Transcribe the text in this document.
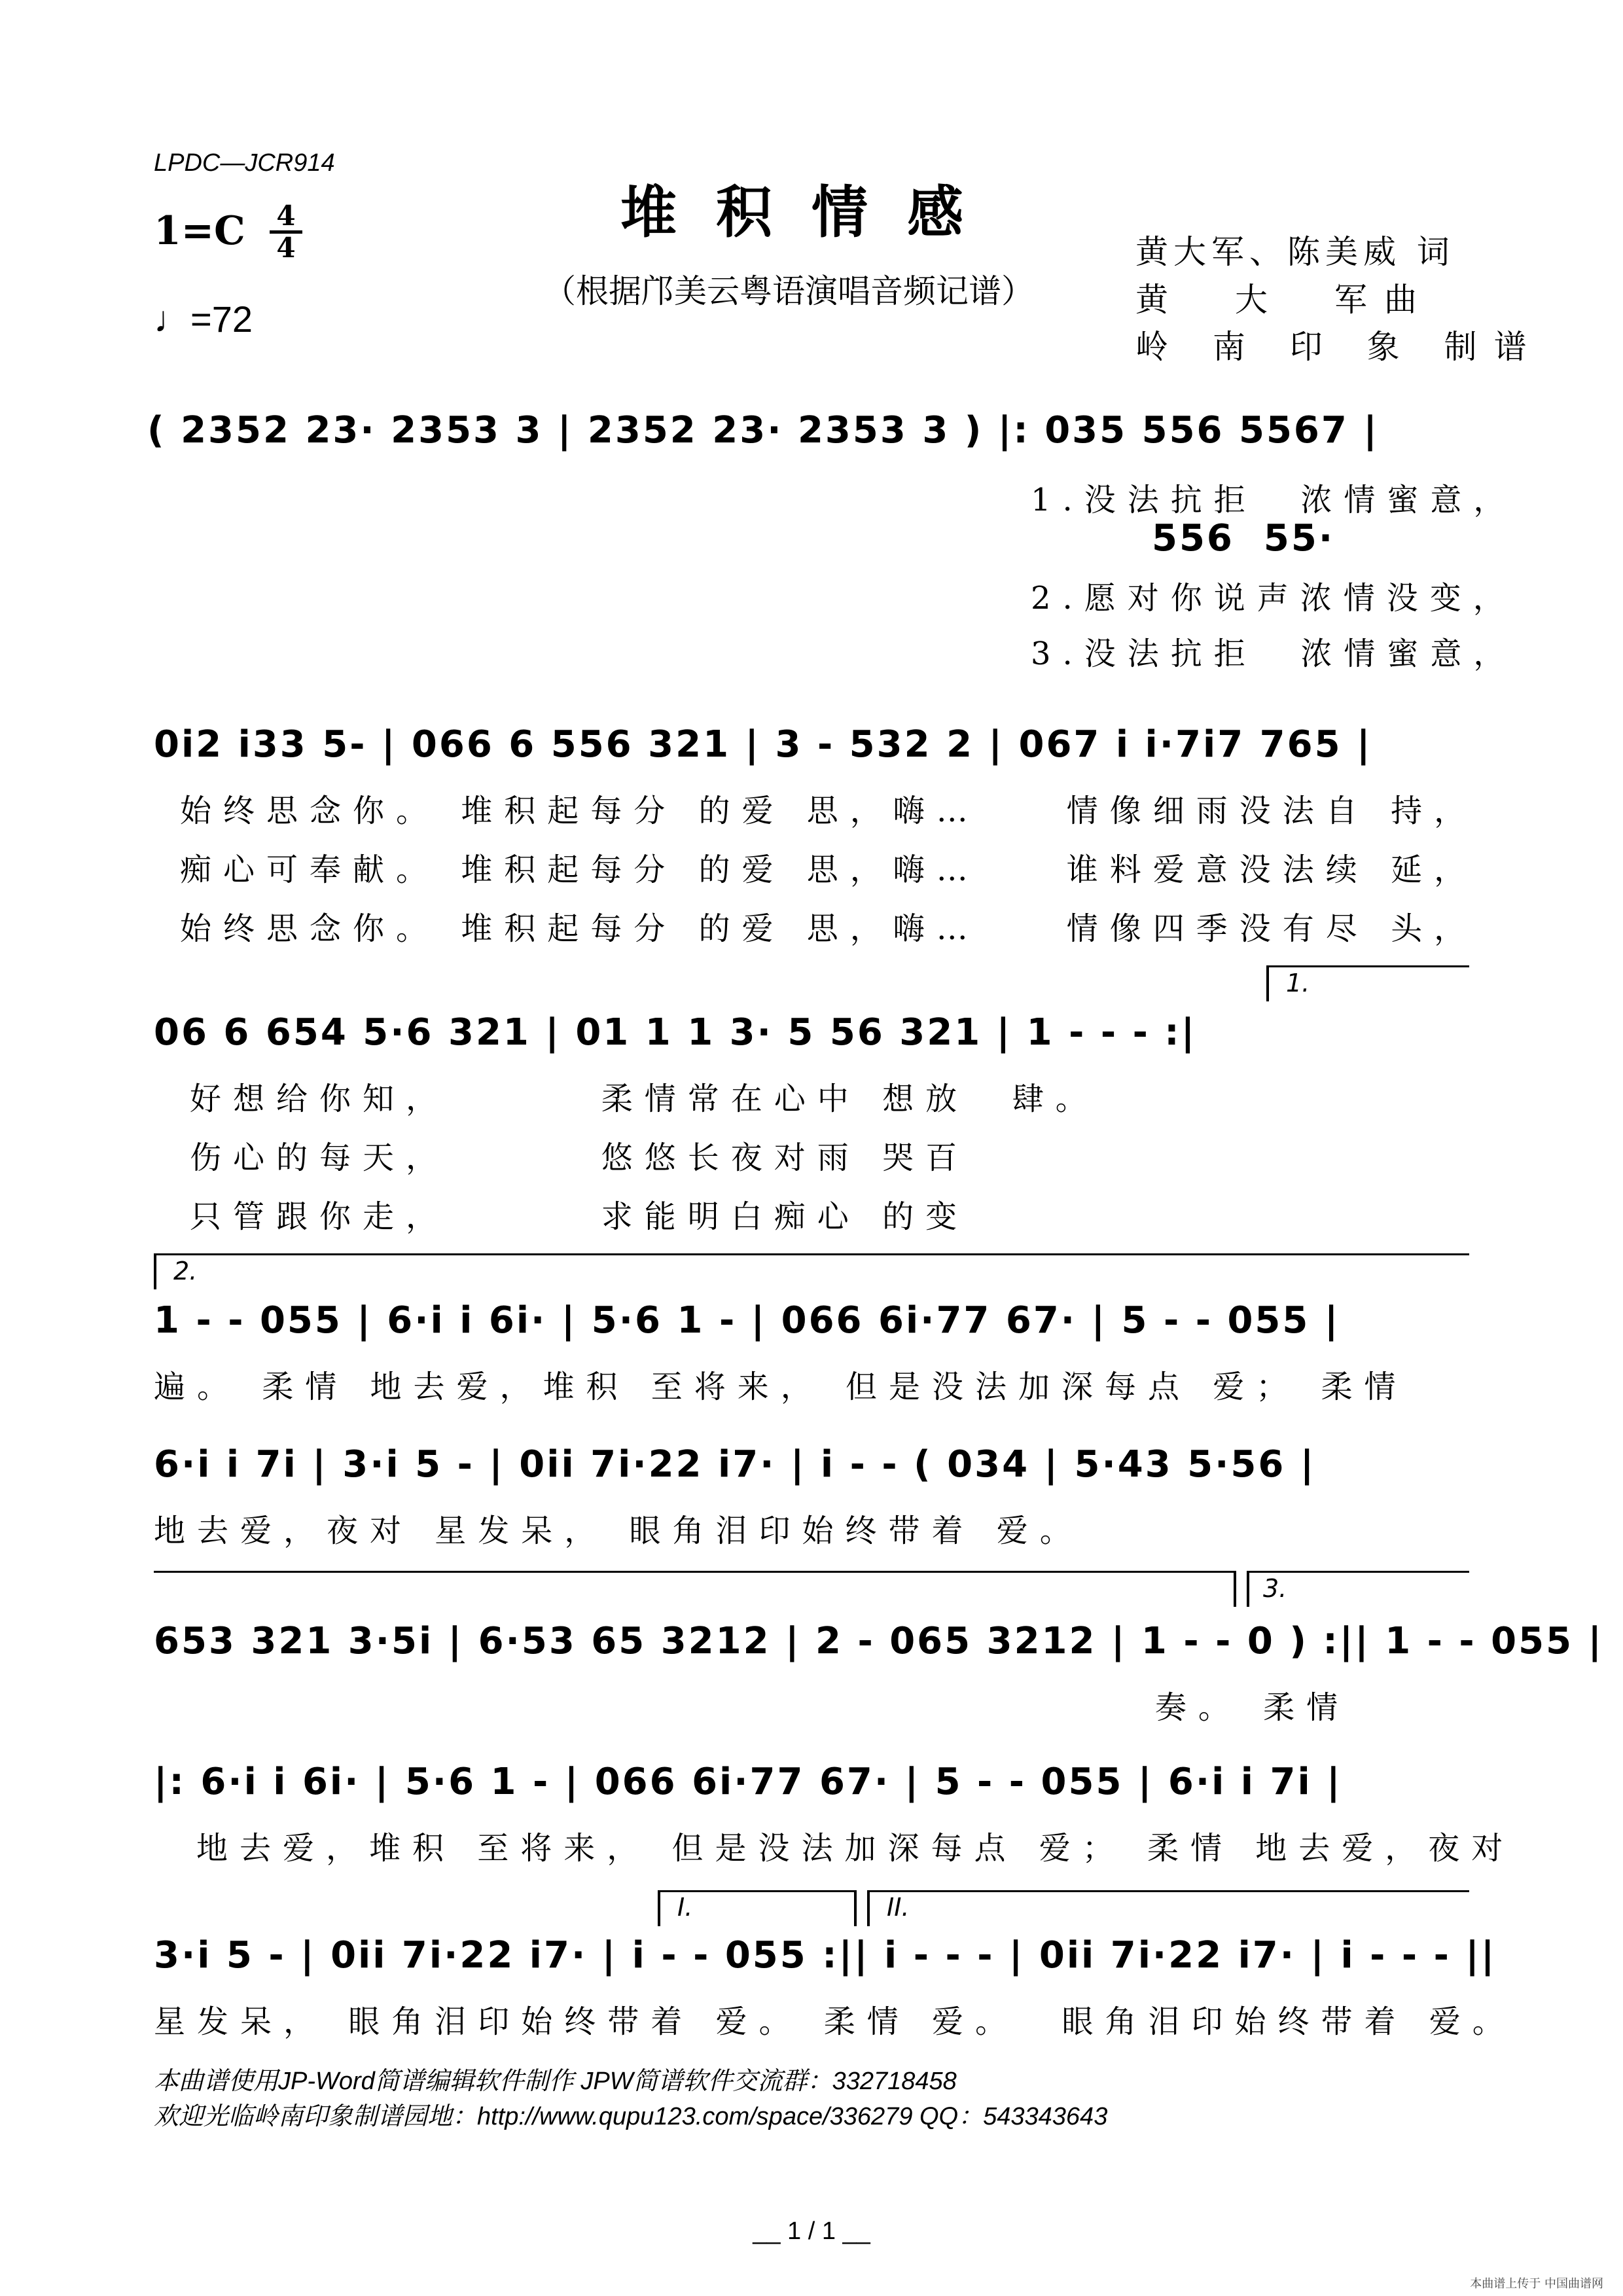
LPDC—JCR914
堆积情感
（根据邝美云粤语演唱音频记谱）
1=C 4
4
♩=72
黄大军、陈美威 词
黄　大　军曲
岭 南 印 象 制谱
( 2352 23· 2353 3 | 2352 23· 2353 3 ) |: 035 556 5567 |
556  55·
1.没法抗拒  浓情蜜意，
2.愿对你说声浓情没变，
3.没法抗拒  浓情蜜意，
0i2 i33 5- | 066 6 556 321 | 3 - 532 2 | 067 i i·7i7 765 |
始终思念你。 堆积起每分 的爱 思，嗨…    情像细雨没法自 持，
痴心可奉献。 堆积起每分 的爱 思，嗨…    谁料爱意没法续 延，
始终思念你。 堆积起每分 的爱 思，嗨…    情像四季没有尽 头，
1.
06 6 654 5·6 321 | 01 1 1 3· 5 56 321 | 1 - - - :|
好想给你知，       柔情常在心中 想放  肆。
伤心的每天，       悠悠长夜对雨 哭百
只管跟你走，       求能明白痴心 的变
2.
1 - - 055 | 6·i i 6i· | 5·6 1 - | 066 6i·77 67· | 5 - - 055 |
遍。 柔情 地去爱，堆积 至将来， 但是没法加深每点 爱； 柔情
6·i i 7i | 3·i 5 - | 0ii 7i·22 i7· | i - - ( 034 | 5·43 5·56 |
地去爱，夜对 星发呆， 眼角泪印始终带着 爱。
3.
653 321 3·5i | 6·53 65 3212 | 2 - 065 3212 | 1 - - 0 ) :|| 1 - - 055 |
奏。 柔情
|: 6·i i 6i· | 5·6 1 - | 066 6i·77 67· | 5 - - 055 | 6·i i 7i |
地去爱，堆积 至将来， 但是没法加深每点 爱； 柔情 地去爱，夜对
I.	II.
3·i 5 - | 0ii 7i·22 i7· | i - - 055 :|| i - - - | 0ii 7i·22 i7· | i - - - ||
星发呆， 眼角泪印始终带着 爱。 柔情 爱。  眼角泪印始终带着 爱。
本曲谱使用JP-Word简谱编辑软件制作 JPW简谱软件交流群：332718458
欢迎光临岭南印象制谱园地：http://www.qupu123.com/space/336279 QQ：543343643
__ 1 / 1 __
本曲谱上传于 中国曲谱网
